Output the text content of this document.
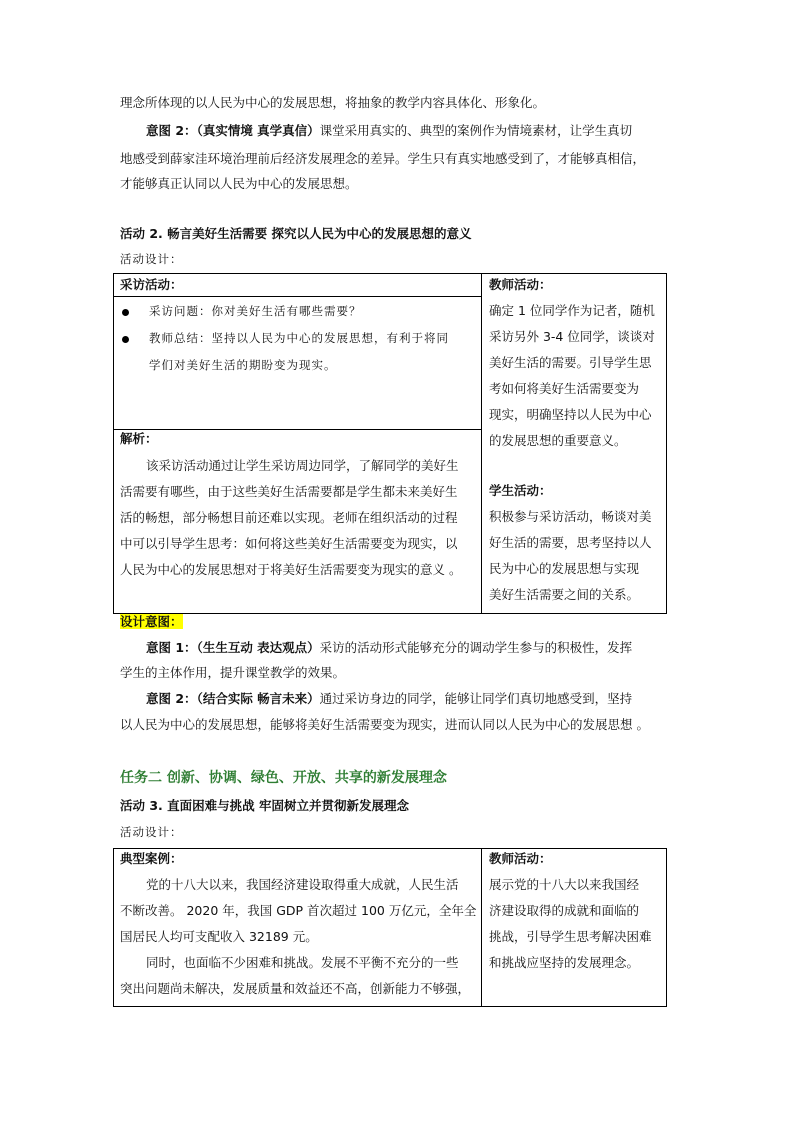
理念所体现的以人民为中心的发展思想，将抽象的教学内容具体化、形象化。

意图 2：（真实情境 真学真信）课堂采用真实的、典型的案例作为情境素材，让学生真切

地感受到薛家洼环境治理前后经济发展理念的差异。学生只有真实地感受到了，才能够真相信，

才能够真正认同以人民为中心的发展思想。

活动 2. 畅言美好生活需要 探究以人民为中心的发展思想的意义

活动设计：

采访活动：
采访问题：你对美好生活有哪些需要？
教师总结：坚持以人民为中心的发展思想，有利于将同
学们对美好生活的期盼变为现实。
解析：
该采访活动通过让学生采访周边同学，了解同学的美好生
活需要有哪些，由于这些美好生活需要都是学生都未来美好生
活的畅想，部分畅想目前还难以实现。老师在组织活动的过程
中可以引导学生思考：如何将这些美好生活需要变为现实，以
人民为中心的发展思想对于将美好生活需要变为现实的意义 。
教师活动：
确定 1 位同学作为记者，随机
采访另外 3-4 位同学，谈谈对
美好生活的需要。引导学生思
考如何将美好生活需要变为
现实，明确坚持以人民为中心
的发展思想的重要意义。
学生活动：
积极参与采访活动，畅谈对美
好生活的需要，思考坚持以人
民为中心的发展思想与实现
美好生活需要之间的关系。

设计意图：

意图 1：（生生互动 表达观点）采访的活动形式能够充分的调动学生参与的积极性，发挥

学生的主体作用，提升课堂教学的效果。

意图 2：（结合实际 畅言未来）通过采访身边的同学，能够让同学们真切地感受到，坚持

以人民为中心的发展思想，能够将美好生活需要变为现实，进而认同以人民为中心的发展思想 。

任务二 创新、协调、绿色、开放、共享的新发展理念

活动 3. 直面困难与挑战 牢固树立并贯彻新发展理念

活动设计：

典型案例：
党的十八大以来，我国经济建设取得重大成就，人民生活
不断改善。 2020 年，我国 GDP 首次超过 100 万亿元，全年全
国居民人均可支配收入 32189 元。
同时，也面临不少困难和挑战。发展不平衡不充分的一些
突出问题尚未解决，发展质量和效益还不高，创新能力不够强，
教师活动：
展示党的十八大以来我国经
济建设取得的成就和面临的
挑战，引导学生思考解决困难
和挑战应坚持的发展理念。
